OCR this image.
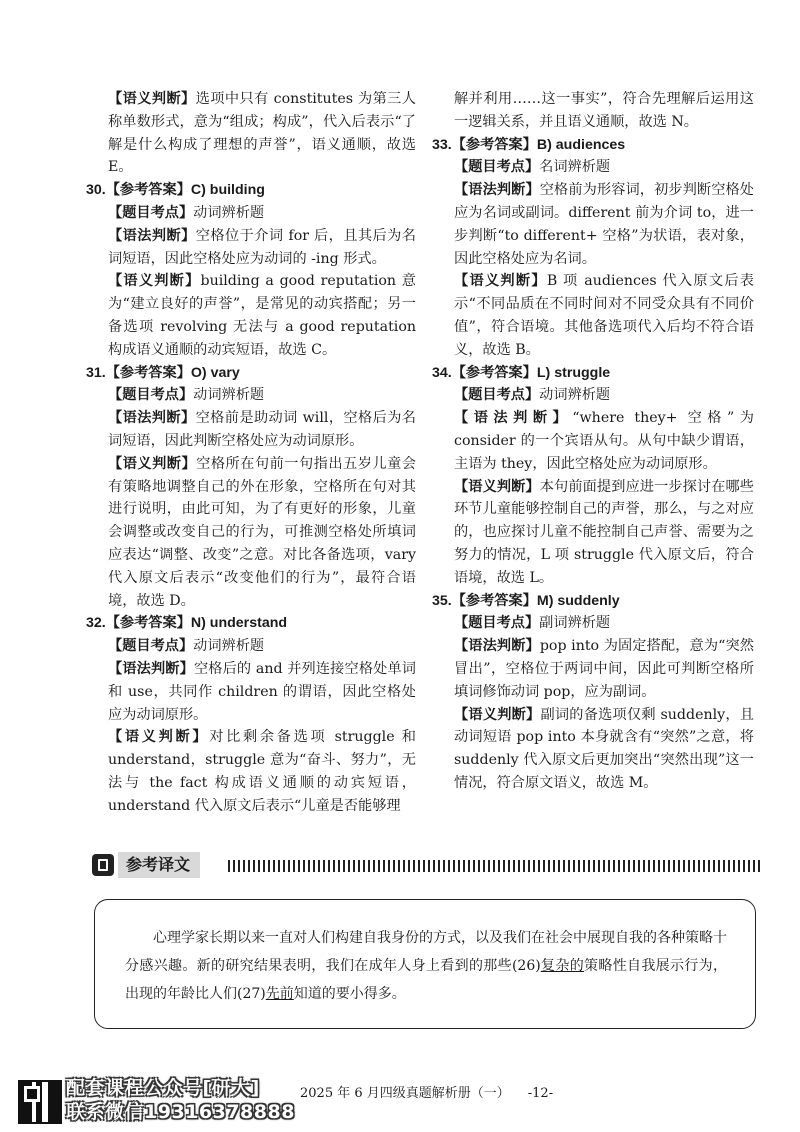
【语义判断】选项中只有 constitutes 为第三人称单数形式，意为“组成；构成”，代入后表示“了解是什么构成了理想的声誉”，语义通顺，故选 E。
30.【参考答案】C) building
【题目考点】动词辨析题
【语法判断】空格位于介词 for 后，且其后为名词短语，因此空格处应为动词的 -ing 形式。
【语义判断】building a good reputation 意为“建立良好的声誉”，是常见的动宾搭配；另一备选项 revolving 无法与 a good reputation 构成语义通顺的动宾短语，故选 C。
31.【参考答案】O) vary
【题目考点】动词辨析题
【语法判断】空格前是助动词 will，空格后为名词短语，因此判断空格处应为动词原形。
【语义判断】空格所在句前一句指出五岁儿童会有策略地调整自己的外在形象，空格所在句对其进行说明，由此可知，为了有更好的形象，儿童会调整或改变自己的行为，可推测空格处所填词应表达“调整、改变”之意。对比各备选项，vary 代入原文后表示“改变他们的行为”，最符合语境，故选 D。
32.【参考答案】N) understand
【题目考点】动词辨析题
【语法判断】空格后的 and 并列连接空格处单词和 use，共同作 children 的谓语，因此空格处应为动词原形。
【语义判断】对比剩余备选项 struggle 和 understand，struggle 意为“奋斗、努力”，无法与 the fact 构成语义通顺的动宾短语，understand 代入原文后表示“儿童是否能够理
解并利用……这一事实”，符合先理解后运用这一逻辑关系，并且语义通顺，故选 N。
33.【参考答案】B) audiences
【题目考点】名词辨析题
【语法判断】空格前为形容词，初步判断空格处应为名词或副词。different 前为介词 to，进一步判断“to different+ 空格”为状语，表对象，因此空格处应为名词。
【语义判断】B 项 audiences 代入原文后表示“不同品质在不同时间对不同受众具有不同价值”，符合语境。其他备选项代入后均不符合语义，故选 B。
34.【参考答案】L) struggle
【题目考点】动词辨析题
【语法判断】“where they+ 空格”为 consider 的一个宾语从句。从句中缺少谓语，主语为 they，因此空格处应为动词原形。
【语义判断】本句前面提到应进一步探讨在哪些环节儿童能够控制自己的声誉，那么，与之对应的，也应探讨儿童不能控制自己声誉、需要为之努力的情况，L 项 struggle 代入原文后，符合语境，故选 L。
35.【参考答案】M) suddenly
【题目考点】副词辨析题
【语法判断】pop into 为固定搭配，意为“突然冒出”，空格位于两词中间，因此可判断空格所填词修饰动词 pop，应为副词。
【语义判断】副词的备选项仅剩 suddenly，且动词短语 pop into 本身就含有“突然”之意，将 suddenly 代入原文后更加突出“突然出现”这一情况，符合原文语义，故选 M。
参考译文
心理学家长期以来一直对人们构建自我身份的方式，以及我们在社会中展现自我的各种策略十分感兴趣。新的研究结果表明，我们在成年人身上看到的那些(26)复杂的策略性自我展示行为，出现的年龄比人们(27)先前知道的要小得多。
配套课程公众号[研大]
联系微信19316378888
2025 年 6 月四级真题解析册（一） -12-
